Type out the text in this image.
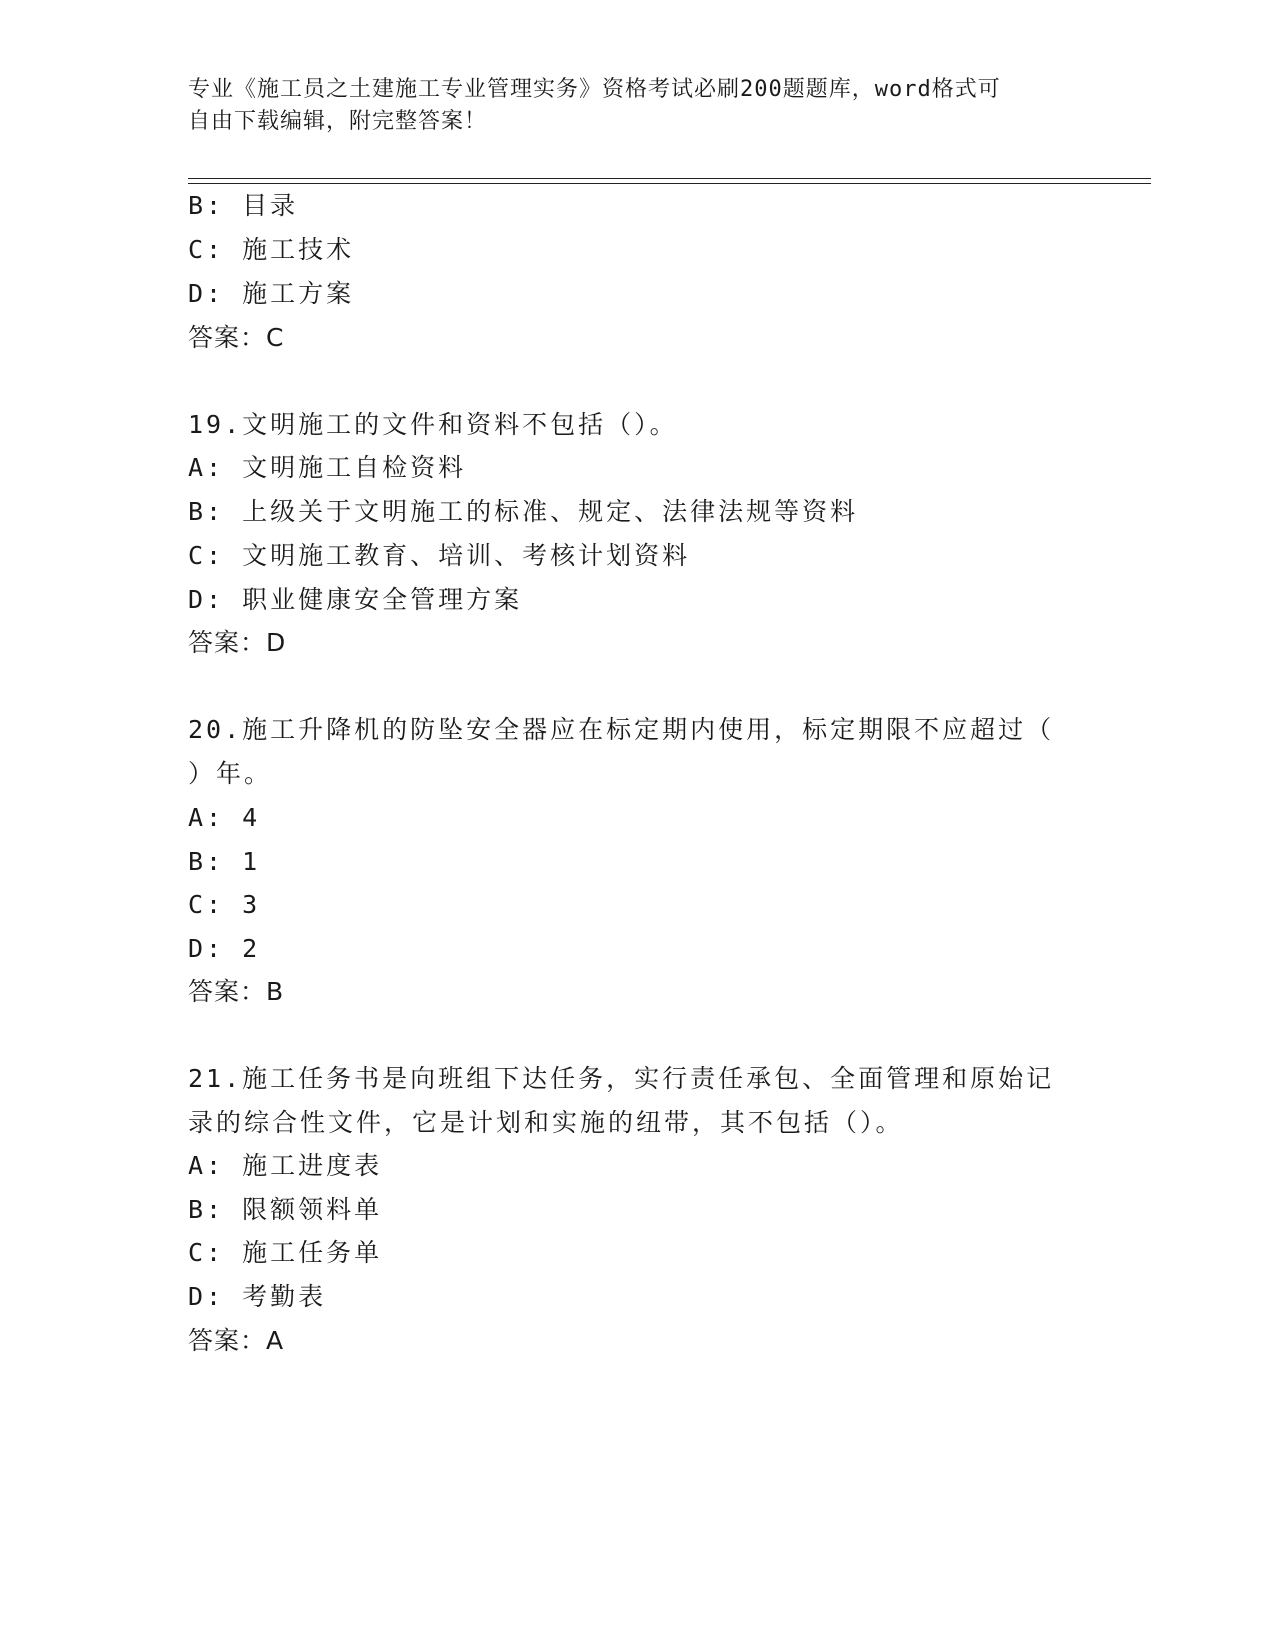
专业《施工员之土建施工专业管理实务》资格考试必刷200题题库，word格式可
自由下载编辑，附完整答案！
B: 目录
C: 施工技术
D: 施工方案
答案：C
19.文明施工的文件和资料不包括（）。
A: 文明施工自检资料
B: 上级关于文明施工的标准、规定、法律法规等资料
C: 文明施工教育、培训、考核计划资料
D: 职业健康安全管理方案
答案：D
20.施工升降机的防坠安全器应在标定期内使用，标定期限不应超过（
）年。
A: 4
B: 1
C: 3
D: 2
答案：B
21.施工任务书是向班组下达任务，实行责任承包、全面管理和原始记
录的综合性文件，它是计划和实施的纽带，其不包括（）。
A: 施工进度表
B: 限额领料单
C: 施工任务单
D: 考勤表
答案：A
